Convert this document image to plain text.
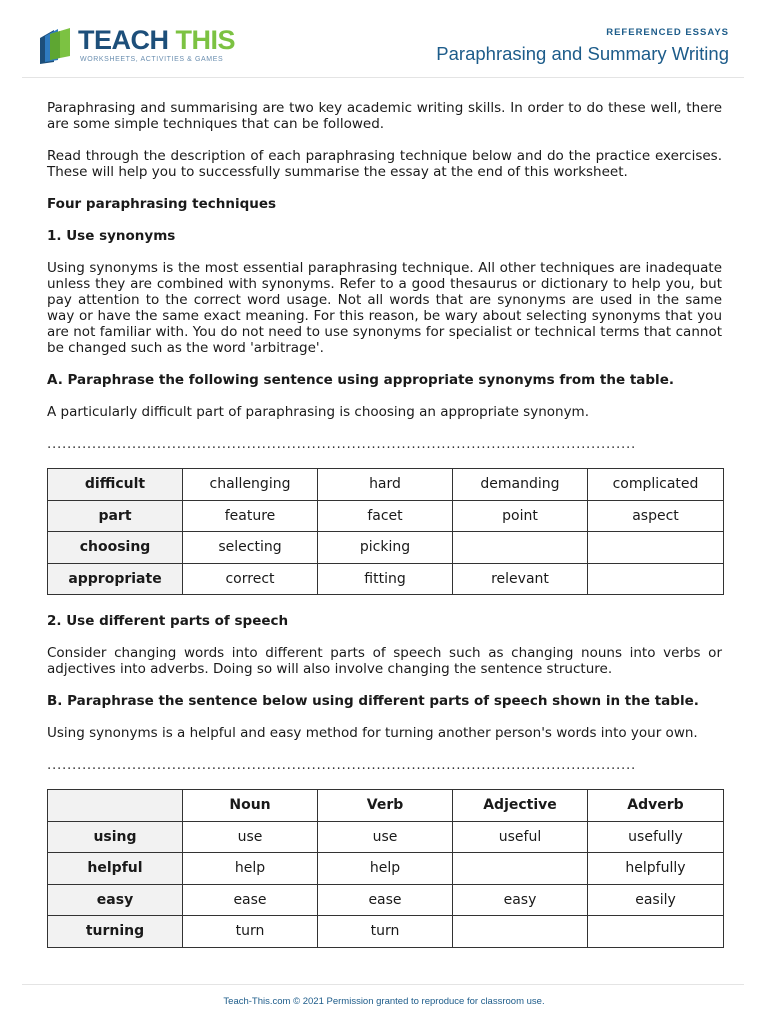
TEACH THIS
WORKSHEETS, ACTIVITIES & GAMES
REFERENCED ESSAYS
Paraphrasing and Summary Writing

Paraphrasing and summarising are two key academic writing skills. In order to do these well, there are some simple techniques that can be followed.

Read through the description of each paraphrasing technique below and do the practice exercises. These will help you to successfully summarise the essay at the end of this worksheet.

Four paraphrasing techniques

1. Use synonyms

Using synonyms is the most essential paraphrasing technique. All other techniques are inadequate unless they are combined with synonyms. Refer to a good thesaurus or dictionary to help you, but pay attention to the correct word usage. Not all words that are synonyms are used in the same way or have the same exact meaning. For this reason, be wary about selecting synonyms that you are not familiar with. You do not need to use synonyms for specialist or technical terms that cannot be changed such as the word 'arbitrage'.

A. Paraphrase the following sentence using appropriate synonyms from the table.

A particularly difficult part of paraphrasing is choosing an appropriate synonym.

......................................................................................................................
difficult	challenging	hard	demanding	complicated
part	feature	facet	point	aspect
choosing	selecting	picking		
appropriate	correct	fitting	relevant	

2. Use different parts of speech

Consider changing words into different parts of speech such as changing nouns into verbs or adjectives into adverbs. Doing so will also involve changing the sentence structure.

B. Paraphrase the sentence below using different parts of speech shown in the table.

Using synonyms is a helpful and easy method for turning another person's words into your own.

......................................................................................................................
	Noun	Verb	Adjective	Adverb
using	use	use	useful	usefully
helpful	help	help		helpfully
easy	ease	ease	easy	easily
turning	turn	turn		
Teach-This.com © 2021 Permission granted to reproduce for classroom use.
